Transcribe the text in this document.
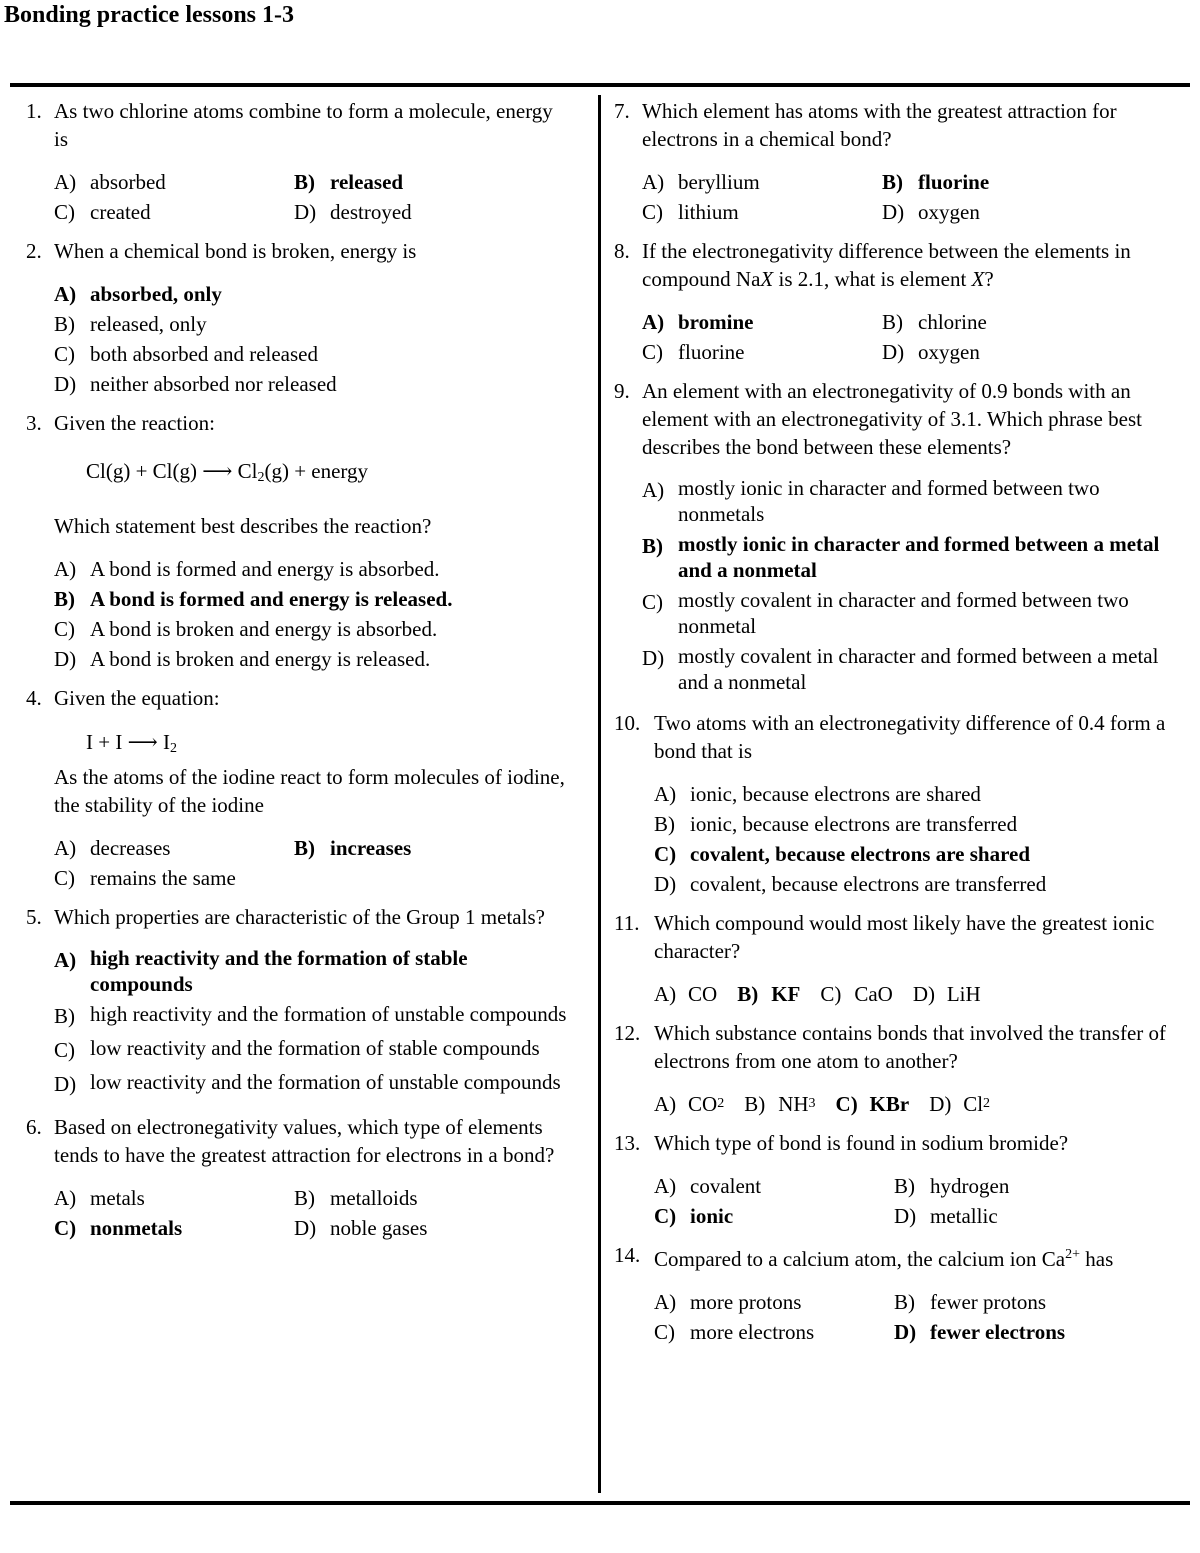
Bonding practice lessons 1-3
1. As two chlorine atoms combine to form a molecule, energy is
A) absorbed	B) released
C) created	D) destroyed
2. When a chemical bond is broken, energy is
A) absorbed, only
B) released, only
C) both absorbed and released
D) neither absorbed nor released
3. Given the reaction:
Cl(g) + Cl(g) ⟶ $Cl_2(g)$ + energy
Which statement best describes the reaction?
A) A bond is formed and energy is absorbed.
B) A bond is formed and energy is released.
C) A bond is broken and energy is absorbed.
D) A bond is broken and energy is released.
4. Given the equation:
I + I ⟶ $I_2$
As the atoms of the iodine react to form molecules of iodine, the stability of the iodine
A) decreases	B) increases
C) remains the same
5. Which properties are characteristic of the Group 1 metals?
A) high reactivity and the formation of stable compounds
B) high reactivity and the formation of unstable compounds
C) low reactivity and the formation of stable compounds
D) low reactivity and the formation of unstable compounds
6. Based on electronegativity values, which type of elements tends to have the greatest attraction for electrons in a bond?
A) metals	B) metalloids
C) nonmetals	D) noble gases
7. Which element has atoms with the greatest attraction for electrons in a chemical bond?
A) beryllium	B) fluorine
C) lithium	D) oxygen
8. If the electronegativity difference between the elements in compound NaX is 2.1, what is element X?
A) bromine	B) chlorine
C) fluorine	D) oxygen
9. An element with an electronegativity of 0.9 bonds with an element with an electronegativity of 3.1. Which phrase best describes the bond between these elements?
A) mostly ionic in character and formed between two nonmetals
B) mostly ionic in character and formed between a metal and a nonmetal
C) mostly covalent in character and formed between two nonmetal
D) mostly covalent in character and formed between a metal and a nonmetal
10. Two atoms with an electronegativity difference of 0.4 form a bond that is
A) ionic, because electrons are shared
B) ionic, because electrons are transferred
C) covalent, because electrons are shared
D) covalent, because electrons are transferred
11. Which compound would most likely have the greatest ionic character?
A) CO B) KF C) CaO D) LiH
12. Which substance contains bonds that involved the transfer of electrons from one atom to another?
A) CO 2 B) NH 3 C) KBr D) Cl 2
13. Which type of bond is found in sodium bromide?
A) covalent	B) hydrogen
C) ionic	D) metallic
14. Compared to a calcium atom, the calcium ion $Ca^{2+}$ has
A) more protons	B) fewer protons
C) more electrons	D) fewer electrons
